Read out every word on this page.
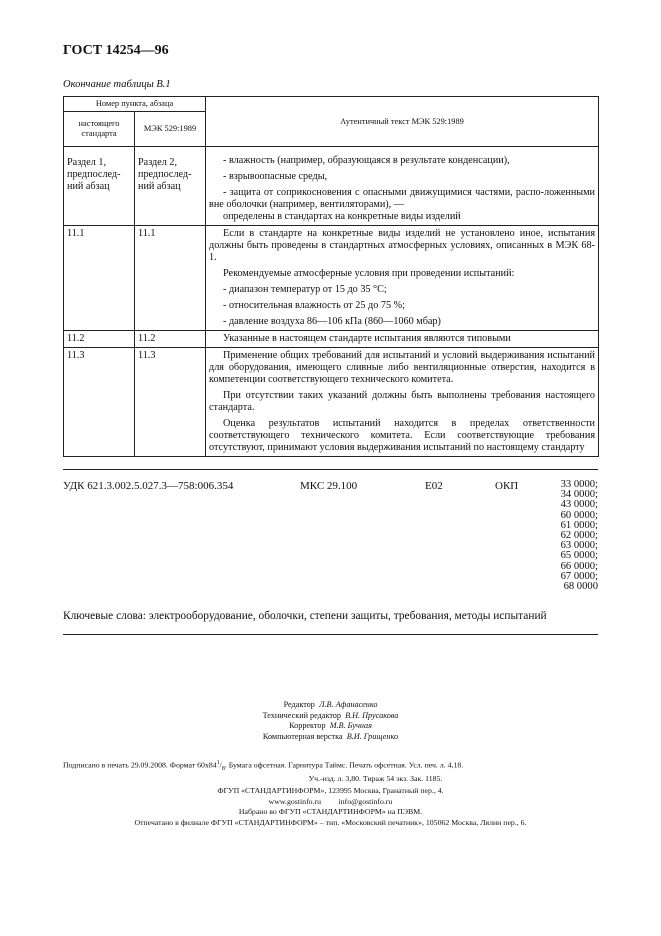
ГОСТ 14254—96
Окончание таблицы В.1
Номер пункта, абзаца		Аутентичный текст МЭК 529:1989
настоящего стандарта	МЭК 529:1989	
Раздел 1, предпослед-ний абзац	Раздел 2, предпослед-ний абзац	- влажность (например, образующаяся в результате конденсации),
- взрывоопасные среды,
- защита от соприкосновения с опасными движущимися частями, распо-ложенными вне оболочки (например, вентиляторами), —
определены в стандартах на конкретные виды изделий

11.1	11.1	Если в стандарте на конкретные виды изделий не установлено иное, испытания должны быть проведены в стандартных атмосферных условиях, описанных в МЭК 68-1.
Рекомендуемые атмосферные условия при проведении испытаний:
- диапазон температур от 15 до 35 °C;
- относительная влажность от 25 до 75 %;
- давление воздуха 86—106 кПа (860—1060 мбар)

11.2	11.2	Указанные в настоящем стандарте испытания являются типовыми

11.3	11.3	Применение общих требований для испытаний и условий выдерживания испытаний для оборудования, имеющего сливные либо вентиляционные отверстия, находится в компетенции соответствующего технического комитета.
При отсутствии таких указаний должны быть выполнены требования настоящего стандарта.
Оценка результатов испытаний находится в пределах ответственности соответствующего технического комитета. Если соответствующие требования отсутствуют, принимают условия выдерживания испытаний по настоящему стандарту
УДК 621.3.002.5.027.3—758:006.354	МКС 29.100	Е02	ОКП	33 0000;
34 0000;
43 0000;
60 0000;
61 0000;
62 0000;
63 0000;
65 0000;
66 0000;
67 0000;
68 0000
Ключевые слова: электрооборудование, оболочки, степени защиты, требования, методы испытаний
Редактор Л.В. Афанасенко
Технический редактор В.Н. Прусакова
Корректор М.В. Бучная
Компьютерная верстка В.И. Грищенко
Подписано в печать 29.09.2008. Формат $60x84^1/_8$. Бумага офсетная. Гарнитура Таймс. Печать офсетная. Усл. печ. л. 4,18.
Уч.-изд. л. 3,80. Тираж 54 экз. Зак. 1185.
ФГУП «СТАНДАРТИНФОРМ», 123995 Москва, Гранатный пер., 4.
www.gostinfo.ru info@gostinfo.ru
Набрано во ФГУП «СТАНДАРТИНФОРМ» на ПЭВМ.
Отпечатано в филиале ФГУП «СТАНДАРТИНФОРМ» – тип. «Московский печатник», 105062 Москва, Лялин пер., 6.
